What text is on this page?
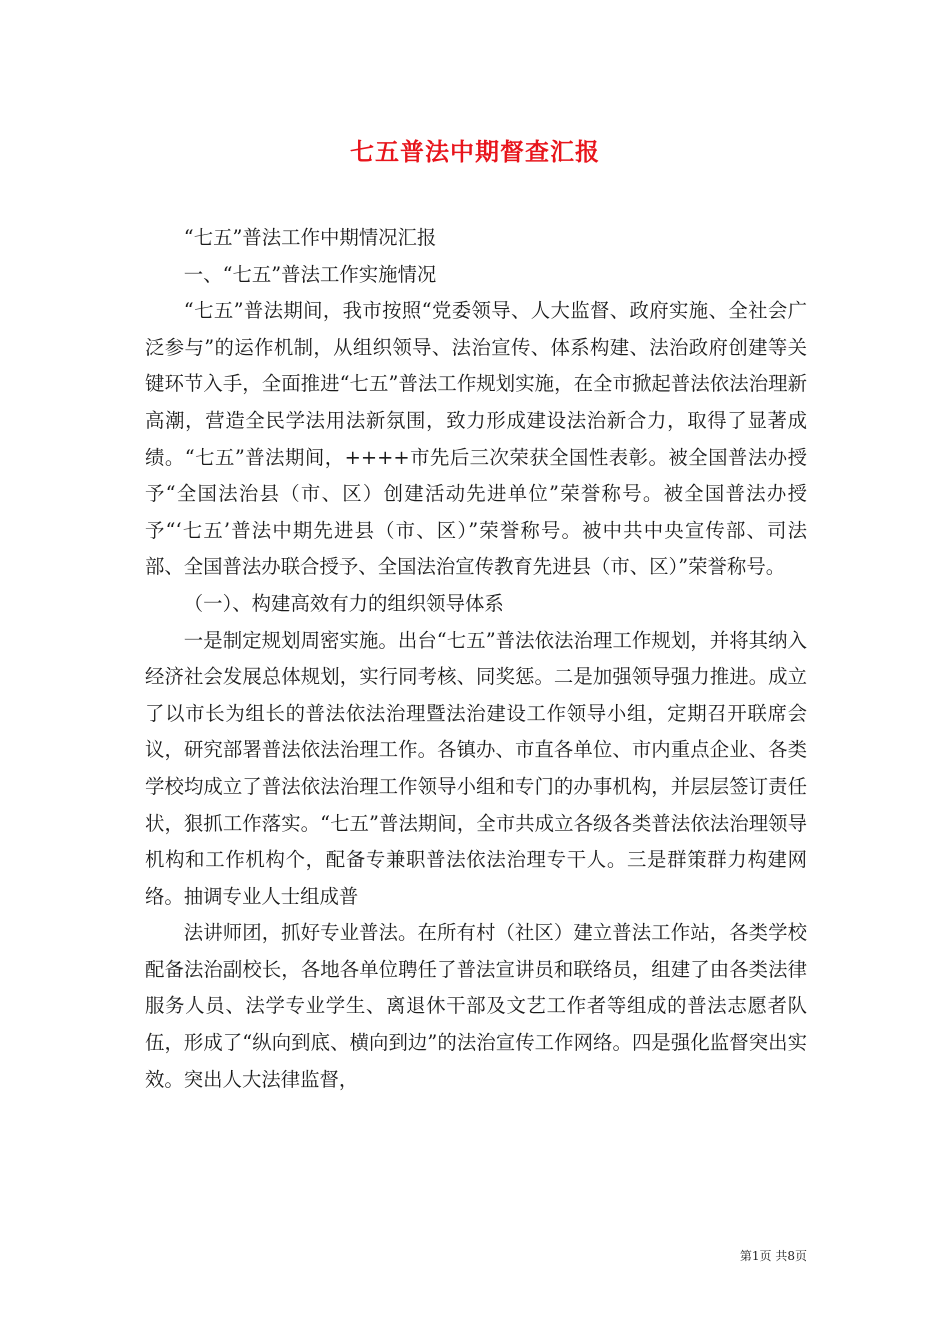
七五普法中期督查汇报

“七五”普法工作中期情况汇报

一、“七五”普法工作实施情况

“七五”普法期间，我市按照“党委领导、人大监督、政府实施、全社会广泛参与”的运作机制，从组织领导、法治宣传、体系构建、法治政府创建等关键环节入手，全面推进“七五”普法工作规划实施，在全市掀起普法依法治理新高潮，营造全民学法用法新氛围，致力形成建设法治新合力，取得了显著成绩。“七五”普法期间，++++市先后三次荣获全国性表彰。被全国普法办授予“全国法治县（市、区）创建活动先进单位”荣誉称号。被全国普法办授予“‘七五’普法中期先进县（市、区）”荣誉称号。被中共中央宣传部、司法部、全国普法办联合授予、全国法治宣传教育先进县（市、区）”荣誉称号。

（一）、构建高效有力的组织领导体系

一是制定规划周密实施。出台“七五”普法依法治理工作规划，并将其纳入经济社会发展总体规划，实行同考核、同奖惩。二是加强领导强力推进。成立了以市长为组长的普法依法治理暨法治建设工作领导小组，定期召开联席会议，研究部署普法依法治理工作。各镇办、市直各单位、市内重点企业、各类学校均成立了普法依法治理工作领导小组和专门的办事机构，并层层签订责任状，狠抓工作落实。“七五”普法期间，全市共成立各级各类普法依法治理领导机构和工作机构个，配备专兼职普法依法治理专干人。三是群策群力构建网络。抽调专业人士组成普

法讲师团，抓好专业普法。在所有村（社区）建立普法工作站，各类学校配备法治副校长，各地各单位聘任了普法宣讲员和联络员，组建了由各类法律服务人员、法学专业学生、离退休干部及文艺工作者等组成的普法志愿者队伍，形成了“纵向到底、横向到边”的法治宣传工作网络。四是强化监督突出实效。突出人大法律监督，

第1页 共8页
